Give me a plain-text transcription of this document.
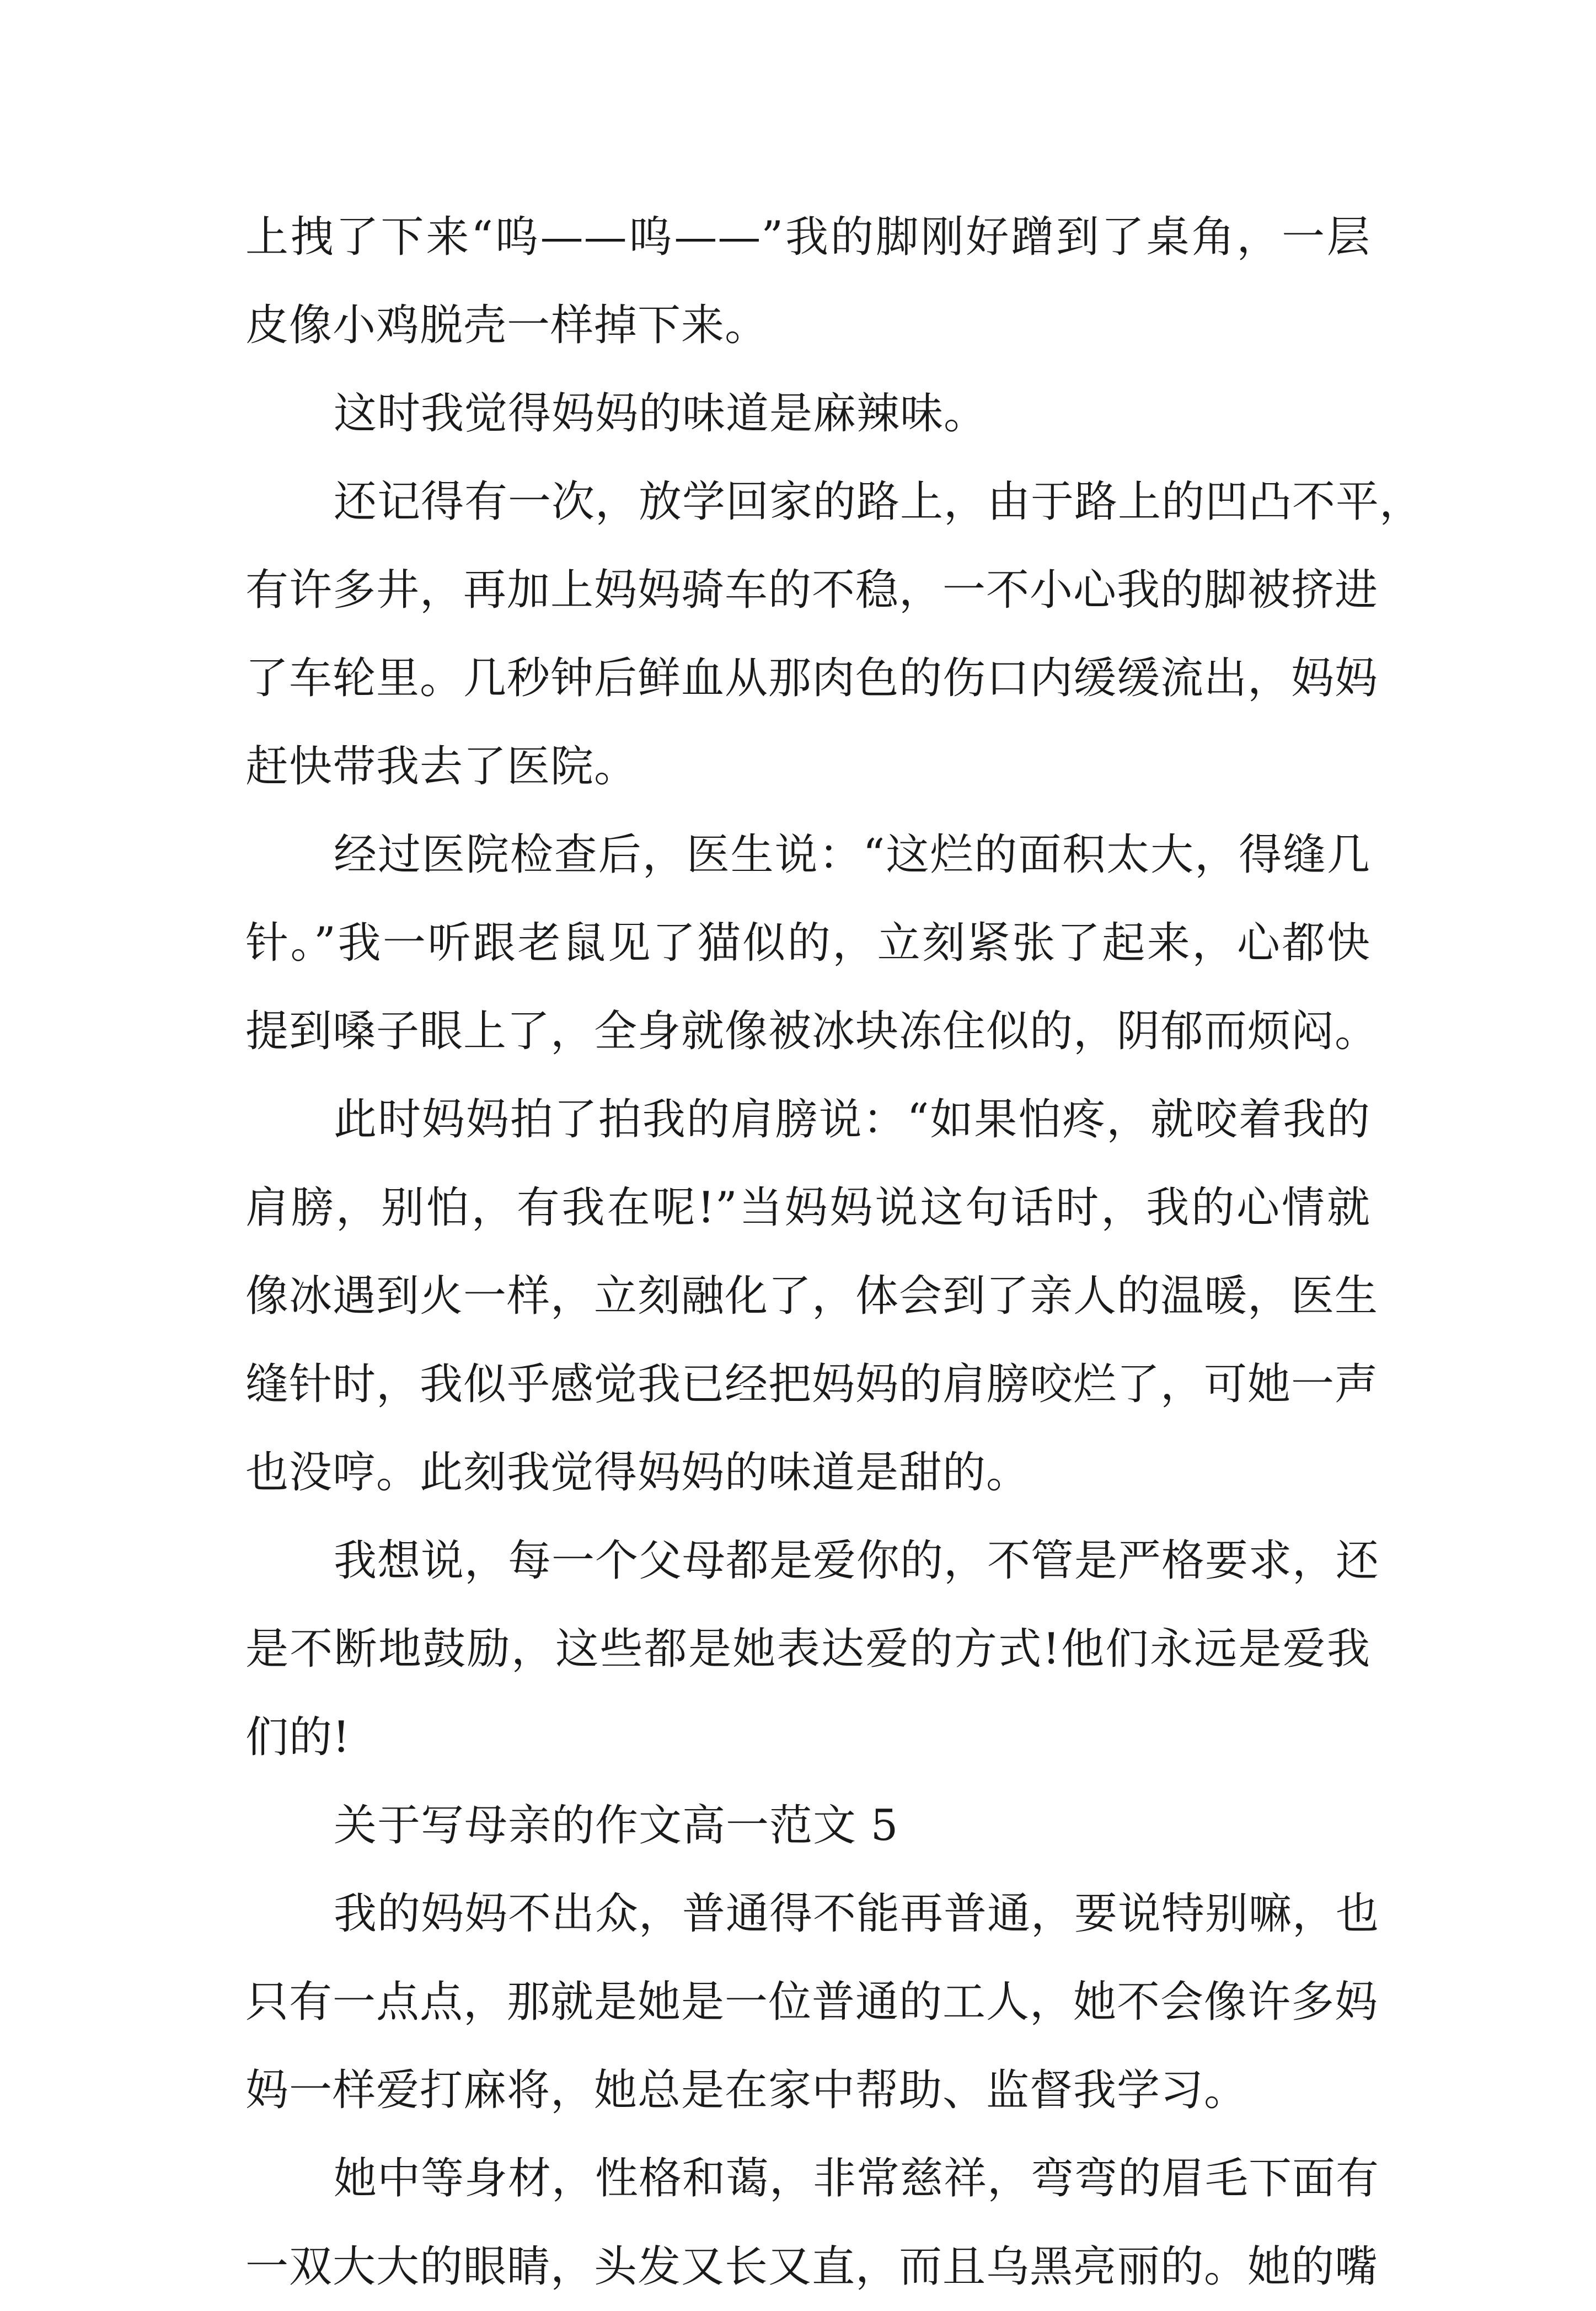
上拽了下来“呜——呜——”我的脚刚好蹭到了桌角，一层
皮像小鸡脱壳一样掉下来。
这时我觉得妈妈的味道是麻辣味。
还记得有一次，放学回家的路上，由于路上的凹凸不平，
有许多井，再加上妈妈骑车的不稳，一不小心我的脚被挤进
了车轮里。几秒钟后鲜血从那肉色的伤口内缓缓流出，妈妈
赶快带我去了医院。
经过医院检查后，医生说：“这烂的面积太大，得缝几
针。”我一听跟老鼠见了猫似的，立刻紧张了起来，心都快
提到嗓子眼上了，全身就像被冰块冻住似的，阴郁而烦闷。
此时妈妈拍了拍我的肩膀说：“如果怕疼，就咬着我的
肩膀，别怕，有我在呢!”当妈妈说这句话时，我的心情就
像冰遇到火一样，立刻融化了，体会到了亲人的温暖，医生
缝针时，我似乎感觉我已经把妈妈的肩膀咬烂了，可她一声
也没哼。此刻我觉得妈妈的味道是甜的。
我想说，每一个父母都是爱你的，不管是严格要求，还
是不断地鼓励，这些都是她表达爱的方式!他们永远是爱我
们的!
关于写母亲的作文高一范文 5
我的妈妈不出众，普通得不能再普通，要说特别嘛，也
只有一点点，那就是她是一位普通的工人，她不会像许多妈
妈一样爱打麻将，她总是在家中帮助、监督我学习。
她中等身材，性格和蔼，非常慈祥，弯弯的眉毛下面有
一双大大的眼睛，头发又长又直，而且乌黑亮丽的。她的嘴
